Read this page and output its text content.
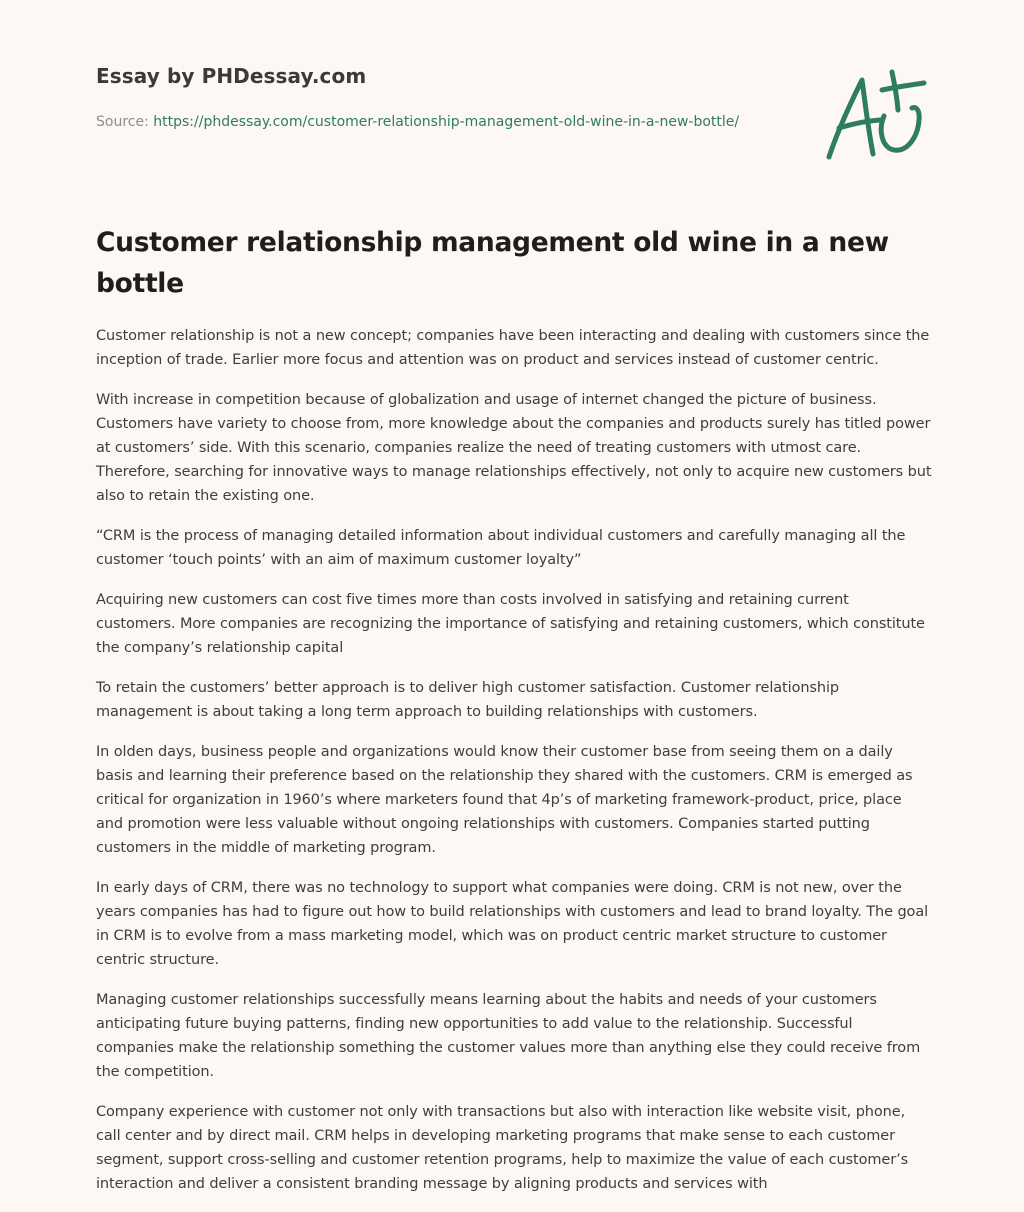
Essay by PHDessay.com
Source: https://phdessay.com/customer-relationship-management-old-wine-in-a-new-bottle/
Customer relationship management old wine in a new bottle

Customer relationship is not a new concept; companies have been interacting and dealing with customers since the inception of trade. Earlier more focus and attention was on product and services instead of customer centric.

With increase in competition because of globalization and usage of internet changed the picture of business. Customers have variety to choose from, more knowledge about the companies and products surely has titled power at customers’ side. With this scenario, companies realize the need of treating customers with utmost care. Therefore, searching for innovative ways to manage relationships effectively, not only to acquire new customers but also to retain the existing one.

“CRM is the process of managing detailed information about individual customers and carefully managing all the customer ‘touch points’ with an aim of maximum customer loyalty”

Acquiring new customers can cost five times more than costs involved in satisfying and retaining current customers. More companies are recognizing the importance of satisfying and retaining customers, which constitute the company’s relationship capital

To retain the customers’ better approach is to deliver high customer satisfaction. Customer relationship management is about taking a long term approach to building relationships with customers.

In olden days, business people and organizations would know their customer base from seeing them on a daily basis and learning their preference based on the relationship they shared with the customers. CRM is emerged as critical for organization in 1960’s where marketers found that 4p’s of marketing framework-product, price, place and promotion were less valuable without ongoing relationships with customers. Companies started putting customers in the middle of marketing program.

In early days of CRM, there was no technology to support what companies were doing. CRM is not new, over the years companies has had to figure out how to build relationships with customers and lead to brand loyalty. The goal in CRM is to evolve from a mass marketing model, which was on product centric market structure to customer centric structure.

Managing customer relationships successfully means learning about the habits and needs of your customers anticipating future buying patterns, finding new opportunities to add value to the relationship. Successful companies make the relationship something the customer values more than anything else they could receive from the competition.

Company experience with customer not only with transactions but also with interaction like website visit, phone, call center and by direct mail. CRM helps in developing marketing programs that make sense to each customer segment, support cross-selling and customer retention programs, help to maximize the value of each customer’s interaction and deliver a consistent branding message by aligning products and services with
